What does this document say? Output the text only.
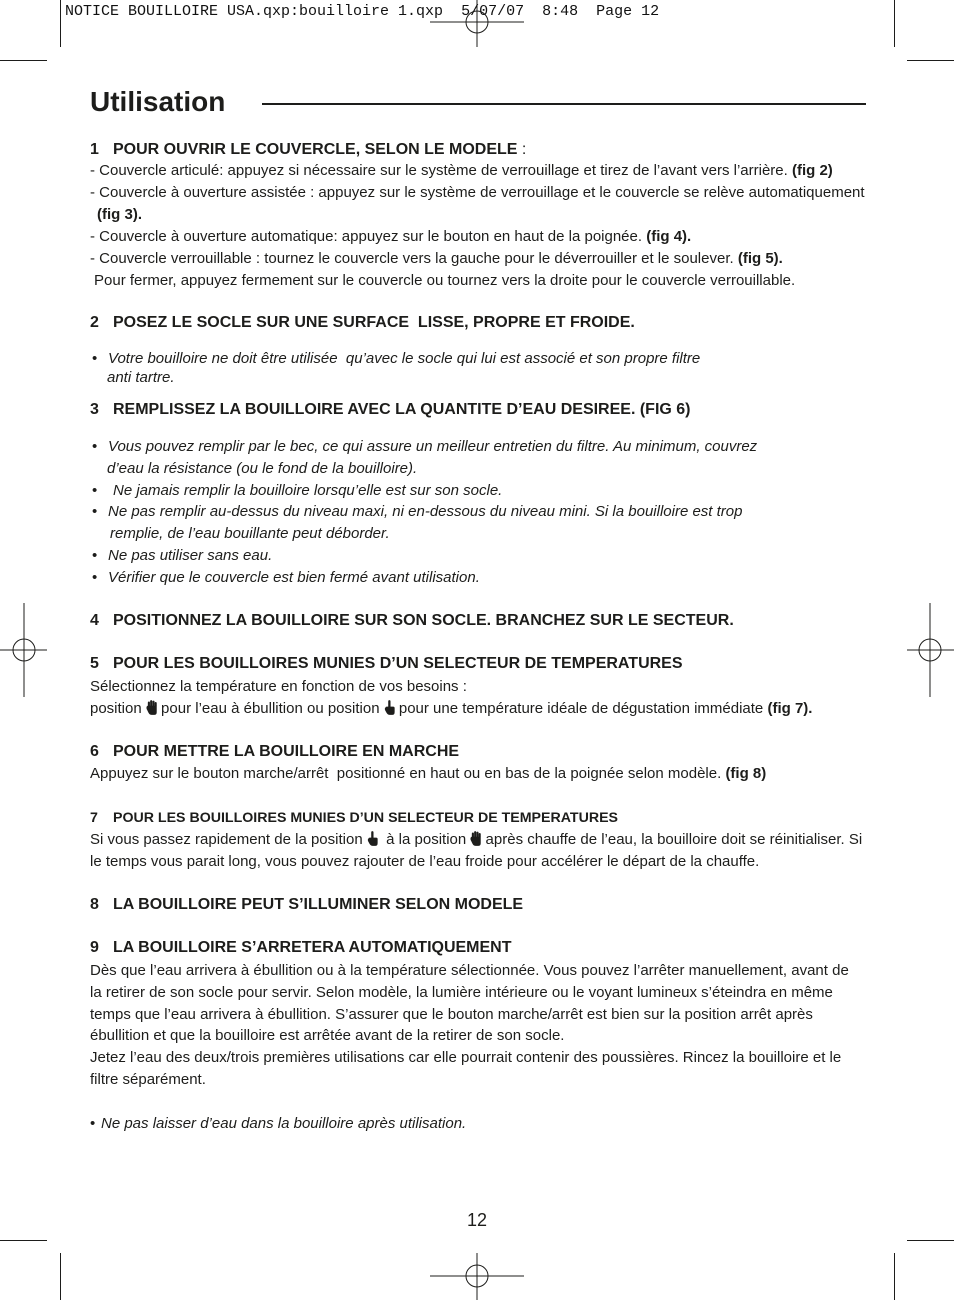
NOTICE BOUILLOIRE USA.qxp:bouilloire 1.qxp  5/07/07  8:48  Page 12
Utilisation
1 POUR OUVRIR LE COUVERCLE, SELON LE MODELE :
- Couvercle articulé: appuyez si nécessaire sur le système de verrouillage et tirez de l’avant vers l’arrière. (fig 2)
- Couvercle à ouverture assistée : appuyez sur le système de verrouillage et le couvercle se relève automatiquement
(fig 3).
- Couvercle à ouverture automatique: appuyez sur le bouton en haut de la poignée. (fig 4).
- Couvercle verrouillable : tournez le couvercle vers la gauche pour le déverrouiller et le soulever. (fig 5).
Pour fermer, appuyez fermement sur le couvercle ou tournez vers la droite pour le couvercle verrouillable.
2 POSEZ LE SOCLE SUR UNE SURFACE  LISSE, PROPRE ET FROIDE.
• Votre bouilloire ne doit être utilisée  qu’avec le socle qui lui est associé et son propre filtre
anti tartre.
3 REMPLISSEZ LA BOUILLOIRE AVEC LA QUANTITE D’EAU DESIREE. (FIG 6)
• Vous pouvez remplir par le bec, ce qui assure un meilleur entretien du filtre. Au minimum, couvrez
d’eau la résistance (ou le fond de la bouilloire).
• Ne jamais remplir la bouilloire lorsqu’elle est sur son socle.
• Ne pas remplir au-dessus du niveau maxi, ni en-dessous du niveau mini. Si la bouilloire est trop
remplie, de l’eau bouillante peut déborder.
• Ne pas utiliser sans eau.
• Vérifier que le couvercle est bien fermé avant utilisation.
4 POSITIONNEZ LA BOUILLOIRE SUR SON SOCLE. BRANCHEZ SUR LE SECTEUR.
5 POUR LES BOUILLOIRES MUNIES D’UN SELECTEUR DE TEMPERATURES
Sélectionnez la température en fonction de vos besoins :
position
pour l’eau à ébullition ou position
pour une température idéale de dégustation immédiate (fig 7).
6 POUR METTRE LA BOUILLOIRE EN MARCHE
Appuyez sur le bouton marche/arrêt  positionné en haut ou en bas de la poignée selon modèle. (fig 8)
7 POUR LES BOUILLOIRES MUNIES D’UN SELECTEUR DE TEMPERATURES
Si vous passez rapidement de la position
à la position
après chauffe de l’eau, la bouilloire doit se réinitialiser. Si
le temps vous parait long, vous pouvez rajouter de l’eau froide pour accélérer le départ de la chauffe.
8 LA BOUILLOIRE PEUT S’ILLUMINER SELON MODELE
9 LA BOUILLOIRE S’ARRETERA AUTOMATIQUEMENT
Dès que l’eau arrivera à ébullition ou à la température sélectionnée. Vous pouvez l’arrêter manuellement, avant de
la retirer de son socle pour servir. Selon modèle, la lumière intérieure ou le voyant lumineux s’éteindra en même
temps que l’eau arrivera à ébullition. S’assurer que le bouton marche/arrêt est bien sur la position arrêt après
ébullition et que la bouilloire est arrêtée avant de la retirer de son socle.
Jetez l’eau des deux/trois premières utilisations car elle pourrait contenir des poussières. Rincez la bouilloire et le
filtre séparément.
• Ne pas laisser d’eau dans la bouilloire après utilisation.
12
